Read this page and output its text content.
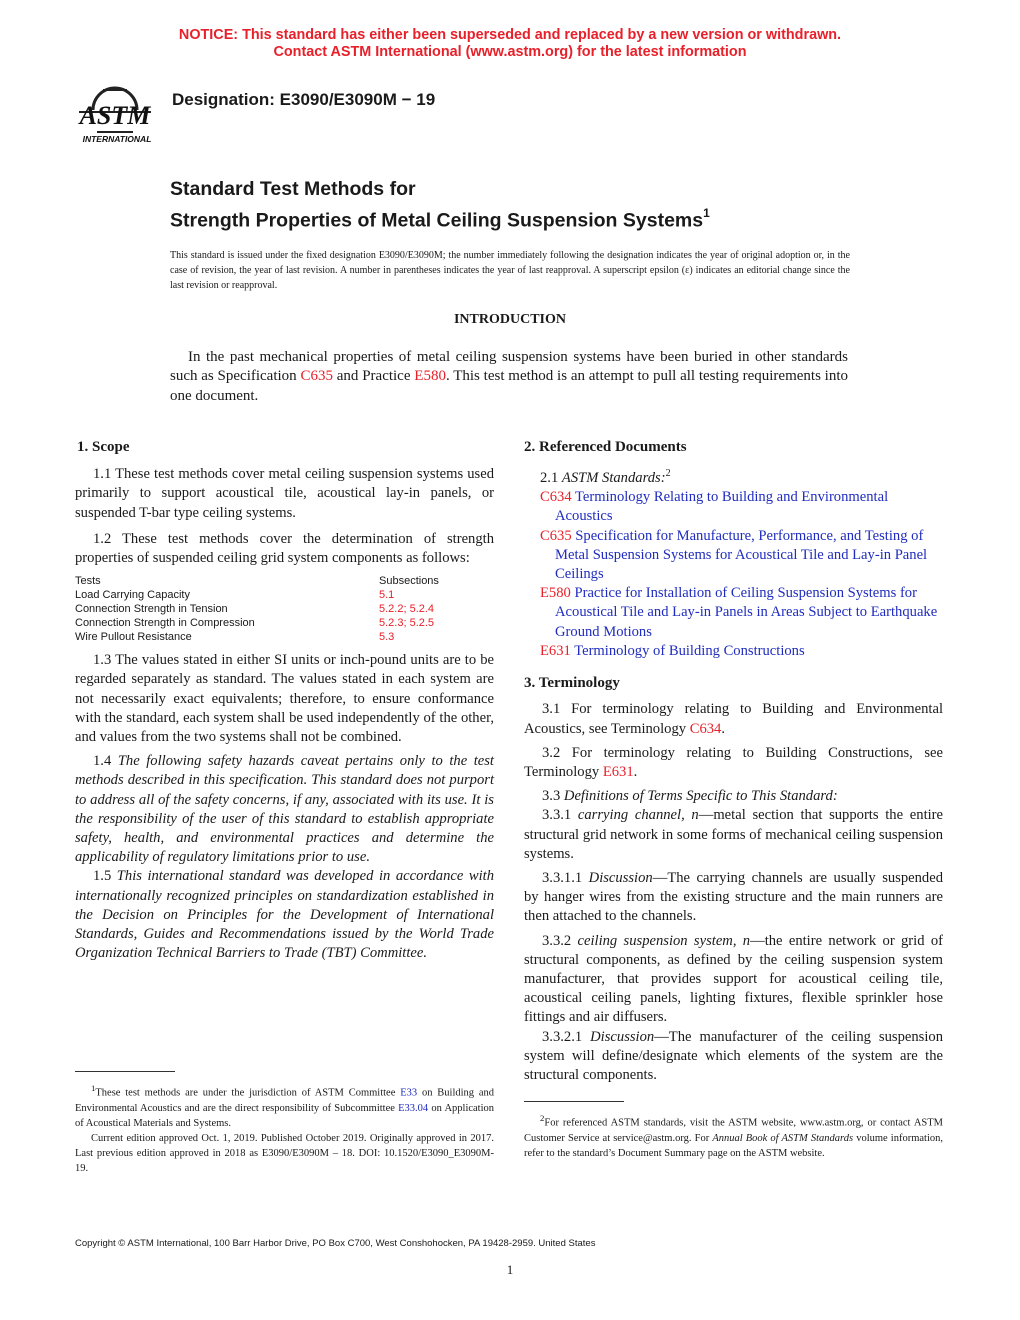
NOTICE: This standard has either been superseded and replaced by a new version or withdrawn.
Contact ASTM International (www.astm.org) for the latest information
ASTM
INTERNATIONAL
Designation: E3090/E3090M − 19
Standard Test Methods for
Strength Properties of Metal Ceiling Suspension Systems$^1$
This standard is issued under the fixed designation E3090/E3090M; the number immediately following the designation indicates the year of original adoption or, in the case of revision, the year of last revision. A number in parentheses indicates the year of last reapproval. A superscript epsilon (ε) indicates an editorial change since the last revision or reapproval.
INTRODUCTION
In the past mechanical properties of metal ceiling suspension systems have been buried in other standards such as Specification C635 and Practice E580. This test method is an attempt to pull all testing requirements into one document.
1. Scope

1.1 These test methods cover metal ceiling suspension systems used primarily to support acoustical tile, acoustical lay-in panels, or suspended T-bar type ceiling systems.

1.2 These test methods cover the determination of strength properties of suspended ceiling grid system components as follows:

Tests	Subsections
Load Carrying Capacity	5.1
Connection Strength in Tension	5.2.2; 5.2.4
Connection Strength in Compression	5.2.3; 5.2.5
Wire Pullout Resistance	5.3

1.3 The values stated in either SI units or inch-pound units are to be regarded separately as standard. The values stated in each system are not necessarily exact equivalents; therefore, to ensure conformance with the standard, each system shall be used independently of the other, and values from the two systems shall not be combined.

1.4 The following safety hazards caveat pertains only to the test methods described in this specification. This standard does not purport to address all of the safety concerns, if any, associated with its use. It is the responsibility of the user of this standard to establish appropriate safety, health, and environmental practices and determine the applicability of regulatory limitations prior to use.

1.5 This international standard was developed in accordance with internationally recognized principles on standardization established in the Decision on Principles for the Development of International Standards, Guides and Recommendations issued by the World Trade Organization Technical Barriers to Trade (TBT) Committee.

$^1$These test methods are under the jurisdiction of ASTM Committee E33 on Building and Environmental Acoustics and are the direct responsibility of Subcommittee E33.04 on Application of Acoustical Materials and Systems.
Current edition approved Oct. 1, 2019. Published October 2019. Originally approved in 2017. Last previous edition approved in 2018 as E3090/E3090M – 18. DOI: 10.1520/E3090_E3090M-19.
2. Referenced Documents
2.1 ASTM Standards:$^2$
C634 Terminology Relating to Building and Environmental Acoustics
C635 Specification for Manufacture, Performance, and Testing of Metal Suspension Systems for Acoustical Tile and Lay-in Panel Ceilings
E580 Practice for Installation of Ceiling Suspension Systems for Acoustical Tile and Lay-in Panels in Areas Subject to Earthquake Ground Motions
E631 Terminology of Building Constructions
3. Terminology

3.1 For terminology relating to Building and Environmental Acoustics, see Terminology C634.

3.2 For terminology relating to Building Constructions, see Terminology E631.

3.3 Definitions of Terms Specific to This Standard:

3.3.1 carrying channel, n—metal section that supports the entire structural grid network in some forms of mechanical ceiling suspension systems.

3.3.1.1 Discussion—The carrying channels are usually suspended by hanger wires from the existing structure and the main runners are then attached to the channels.

3.3.2 ceiling suspension system, n—the entire network or grid of structural components, as defined by the ceiling suspension system manufacturer, that provides support for acoustical ceiling tile, acoustical ceiling panels, lighting fixtures, flexible sprinkler hose fittings and air diffusers.

3.3.2.1 Discussion—The manufacturer of the ceiling suspension system will define/designate which elements of the system are the structural components.

$^2$For referenced ASTM standards, visit the ASTM website, www.astm.org, or contact ASTM Customer Service at service@astm.org. For Annual Book of ASTM Standards volume information, refer to the standard’s Document Summary page on the ASTM website.
Copyright © ASTM International, 100 Barr Harbor Drive, PO Box C700, West Conshohocken, PA 19428-2959. United States
1
